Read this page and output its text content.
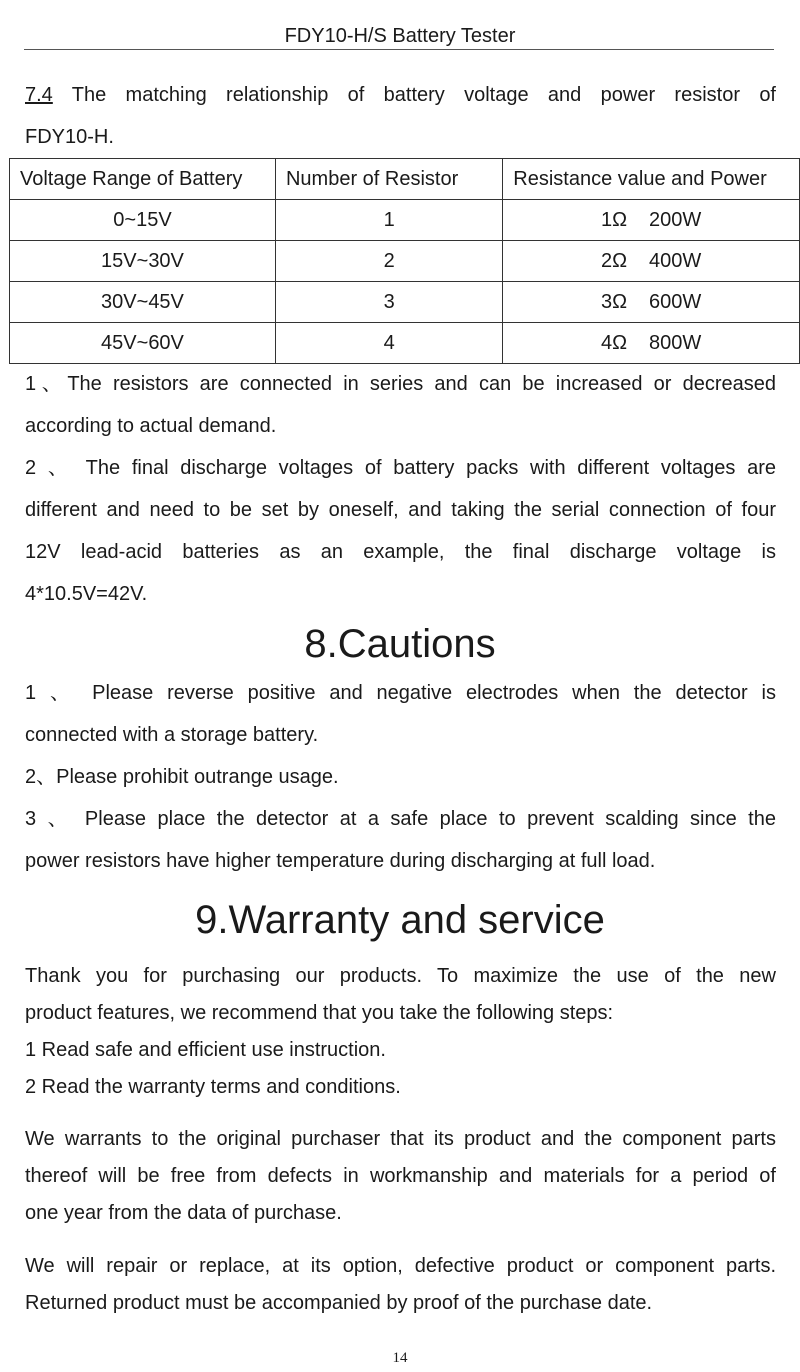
FDY10-H/S Battery Tester
7.4 The matching relationship of battery voltage and power resistor of
FDY10-H.
Voltage Range of Battery	Number of Resistor	Resistance value and Power
0~15V	1	1Ω 200W
15V~30V	2	2Ω 400W
30V~45V	3	3Ω 600W
45V~60V	4	4Ω 800W
1、The resistors are connected in series and can be increased or decreased
according to actual demand.
2 、 The final discharge voltages of battery packs with different voltages are
different and need to be set by oneself, and taking the serial connection of four
12V lead-acid batteries as an example, the final discharge voltage is
4*10.5V=42V.
8.Cautions
1 、 Please reverse positive and negative electrodes when the detector is
connected with a storage battery.
2、Please prohibit outrange usage.
3 、 Please place the detector at a safe place to prevent scalding since the
power resistors have higher temperature during discharging at full load.
9.Warranty and service
Thank you for purchasing our products. To maximize the use of the new
product features, we recommend that you take the following steps:
1 Read safe and efficient use instruction.
2 Read the warranty terms and conditions.
We warrants to the original purchaser that its product and the component parts
thereof will be free from defects in workmanship and materials for a period of
one year from the data of purchase.
We will repair or replace, at its option, defective product or component parts.
Returned product must be accompanied by proof of the purchase date.
14
